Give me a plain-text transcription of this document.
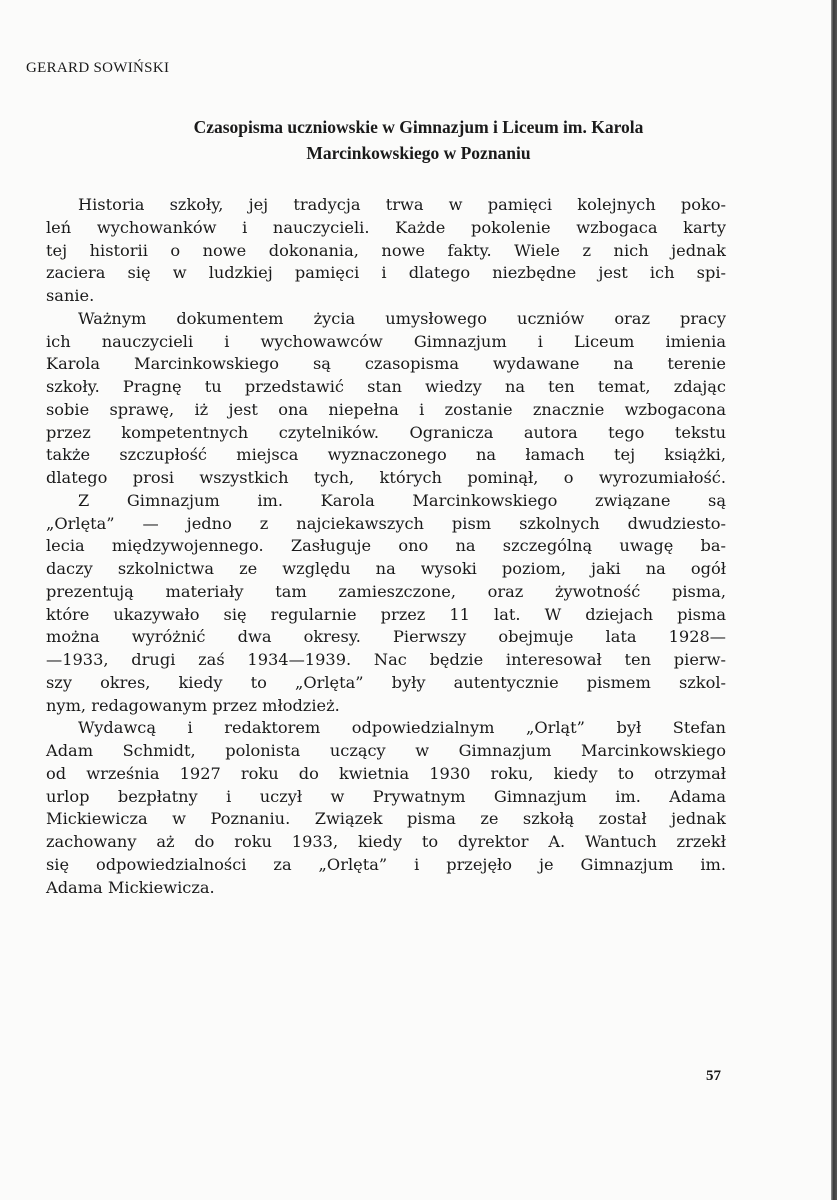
GERARD SOWIŃSKI
Czasopisma uczniowskie w Gimnazjum i Liceum im. Karola
Marcinkowskiego w Poznaniu
Historia szkoły, jej tradycja trwa w pamięci kolejnych poko-
leń wychowanków i nauczycieli. Każde pokolenie wzbogaca karty
tej historii o nowe dokonania, nowe fakty. Wiele z nich jednak
zaciera się w ludzkiej pamięci i dlatego niezbędne jest ich spi-
sanie.
Ważnym dokumentem życia umysłowego uczniów oraz pracy
ich nauczycieli i wychowawców Gimnazjum i Liceum imienia
Karola Marcinkowskiego są czasopisma wydawane na terenie
szkoły. Pragnę tu przedstawić stan wiedzy na ten temat, zdając
sobie sprawę, iż jest ona niepełna i zostanie znacznie wzbogacona
przez kompetentnych czytelników. Ogranicza autora tego tekstu
także szczupłość miejsca wyznaczonego na łamach tej książki,
dlatego prosi wszystkich tych, których pominął, o wyrozumiałość.
Z Gimnazjum im. Karola Marcinkowskiego związane są
„Orlęta” — jedno z najciekawszych pism szkolnych dwudziesto-
lecia międzywojennego. Zasługuje ono na szczególną uwagę ba-
daczy szkolnictwa ze względu na wysoki poziom, jaki na ogół
prezentują materiały tam zamieszczone, oraz żywotność pisma,
które ukazywało się regularnie przez 11 lat. W dziejach pisma
można wyróżnić dwa okresy. Pierwszy obejmuje lata 1928—
—1933, drugi zaś 1934—1939. Nac będzie interesował ten pierw-
szy okres, kiedy to „Orlęta” były autentycznie pismem szkol-
nym, redagowanym przez młodzież.
Wydawcą i redaktorem odpowiedzialnym „Orląt” był Stefan
Adam Schmidt, polonista uczący w Gimnazjum Marcinkowskiego
od września 1927 roku do kwietnia 1930 roku, kiedy to otrzymał
urlop bezpłatny i uczył w Prywatnym Gimnazjum im. Adama
Mickiewicza w Poznaniu. Związek pisma ze szkołą został jednak
zachowany aż do roku 1933, kiedy to dyrektor A. Wantuch zrzekł
się odpowiedzialności za „Orlęta” i przejęło je Gimnazjum im.
Adama Mickiewicza.
57
